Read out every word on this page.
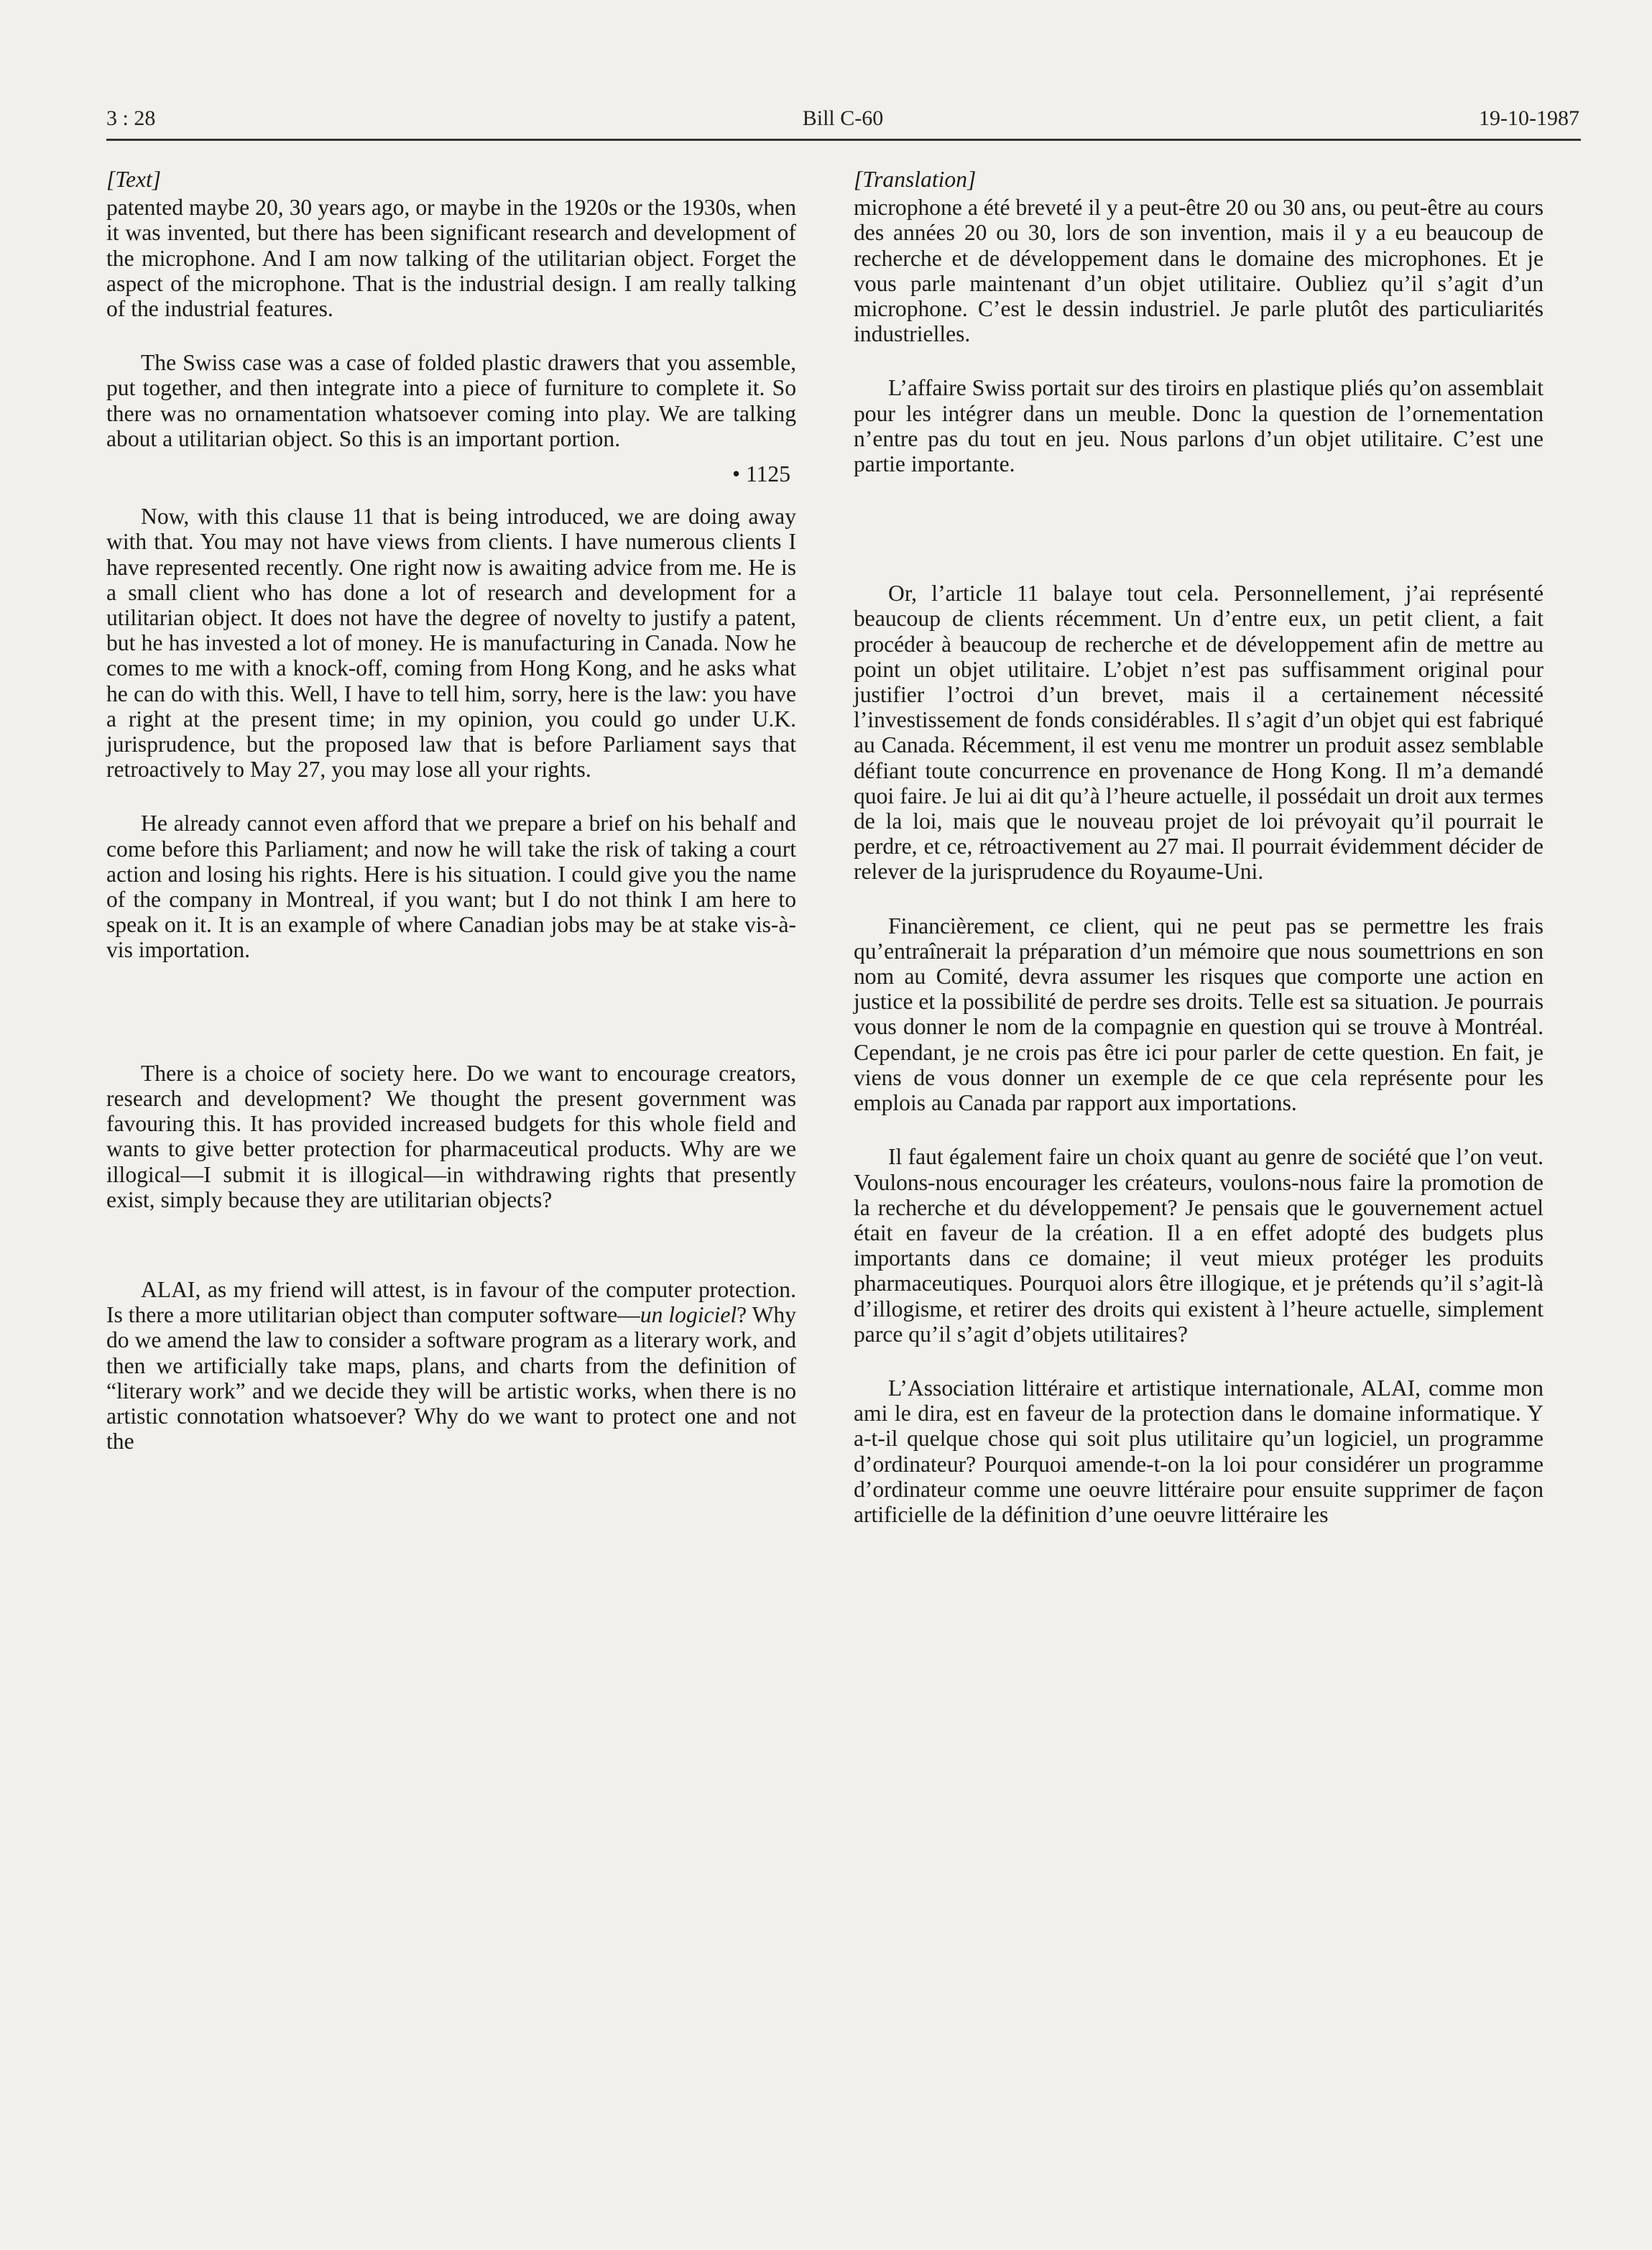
3 : 28	Bill C-60	19-10-1987
[Text]

patented maybe 20, 30 years ago, or maybe in the 1920s or the 1930s, when it was invented, but there has been significant research and development of the microphone. And I am now talking of the utilitarian object. Forget the aspect of the microphone. That is the industrial design. I am really talking of the industrial features.

The Swiss case was a case of folded plastic drawers that you assemble, put together, and then integrate into a piece of furniture to complete it. So there was no ornamentation whatsoever coming into play. We are talking about a utilitarian object. So this is an important portion.

• 1125

Now, with this clause 11 that is being introduced, we are doing away with that. You may not have views from clients. I have numerous clients I have represented recently. One right now is awaiting advice from me. He is a small client who has done a lot of research and development for a utilitarian object. It does not have the degree of novelty to justify a patent, but he has invested a lot of money. He is manufacturing in Canada. Now he comes to me with a knock-off, coming from Hong Kong, and he asks what he can do with this. Well, I have to tell him, sorry, here is the law: you have a right at the present time; in my opinion, you could go under U.K. jurisprudence, but the proposed law that is before Parliament says that retroactively to May 27, you may lose all your rights.

He already cannot even afford that we prepare a brief on his behalf and come before this Parliament; and now he will take the risk of taking a court action and losing his rights. Here is his situation. I could give you the name of the company in Montreal, if you want; but I do not think I am here to speak on it. It is an example of where Canadian jobs may be at stake vis-à-vis importation.

There is a choice of society here. Do we want to encourage creators, research and development? We thought the present government was favouring this. It has provided increased budgets for this whole field and wants to give better protection for pharmaceutical products. Why are we illogical—I submit it is illogical—in withdrawing rights that presently exist, simply because they are utilitarian objects?

ALAI, as my friend will attest, is in favour of the computer protection. Is there a more utilitarian object than computer software—un logiciel? Why do we amend the law to consider a software program as a literary work, and then we artificially take maps, plans, and charts from the definition of “literary work” and we decide they will be artistic works, when there is no artistic connotation whatsoever? Why do we want to protect one and not the

[Translation]

microphone a été breveté il y a peut-être 20 ou 30 ans, ou peut-être au cours des années 20 ou 30, lors de son invention, mais il y a eu beaucoup de recherche et de développement dans le domaine des microphones. Et je vous parle maintenant d’un objet utilitaire. Oubliez qu’il s’agit d’un microphone. C’est le dessin industriel. Je parle plutôt des particuliarités industrielles.

L’affaire Swiss portait sur des tiroirs en plastique pliés qu’on assemblait pour les intégrer dans un meuble. Donc la question de l’ornementation n’entre pas du tout en jeu. Nous parlons d’un objet utilitaire. C’est une partie importante.

Or, l’article 11 balaye tout cela. Personnellement, j’ai représenté beaucoup de clients récemment. Un d’entre eux, un petit client, a fait procéder à beaucoup de recherche et de développement afin de mettre au point un objet utilitaire. L’objet n’est pas suffisamment original pour justifier l’octroi d’un brevet, mais il a certainement nécessité l’investissement de fonds considérables. Il s’agit d’un objet qui est fabriqué au Canada. Récemment, il est venu me montrer un produit assez semblable défiant toute concurrence en provenance de Hong Kong. Il m’a demandé quoi faire. Je lui ai dit qu’à l’heure actuelle, il possédait un droit aux termes de la loi, mais que le nouveau projet de loi prévoyait qu’il pourrait le perdre, et ce, rétroactivement au 27 mai. Il pourrait évidemment décider de relever de la jurisprudence du Royaume-Uni.

Financièrement, ce client, qui ne peut pas se permettre les frais qu’entraînerait la préparation d’un mémoire que nous soumettrions en son nom au Comité, devra assumer les risques que comporte une action en justice et la possibilité de perdre ses droits. Telle est sa situation. Je pourrais vous donner le nom de la compagnie en question qui se trouve à Montréal. Cependant, je ne crois pas être ici pour parler de cette question. En fait, je viens de vous donner un exemple de ce que cela représente pour les emplois au Canada par rapport aux importations.

Il faut également faire un choix quant au genre de société que l’on veut. Voulons-nous encourager les créateurs, voulons-nous faire la promotion de la recherche et du développement? Je pensais que le gouvernement actuel était en faveur de la création. Il a en effet adopté des budgets plus importants dans ce domaine; il veut mieux protéger les produits pharmaceutiques. Pourquoi alors être illogique, et je prétends qu’il s’agit-là d’illogisme, et retirer des droits qui existent à l’heure actuelle, simplement parce qu’il s’agit d’objets utilitaires?

L’Association littéraire et artistique internationale, ALAI, comme mon ami le dira, est en faveur de la protection dans le domaine informatique. Y a-t-il quelque chose qui soit plus utilitaire qu’un logiciel, un programme d’ordinateur? Pourquoi amende-t-on la loi pour considérer un programme d’ordinateur comme une oeuvre littéraire pour ensuite supprimer de façon artificielle de la définition d’une oeuvre littéraire les
